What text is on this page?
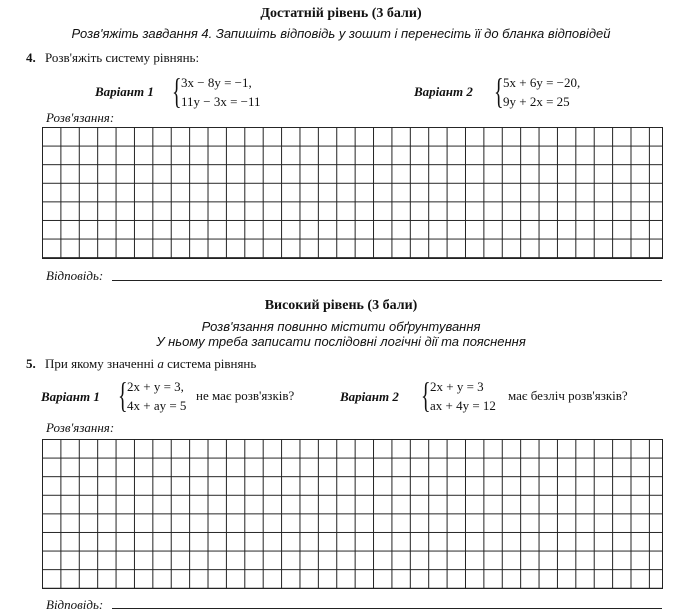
Достатній рівень (3 бали)
Розв'яжіть завдання 4. Запишіть відповідь у зошит і перенесіть її до бланка відповідей
4. Розв'яжіть систему рівнянь:
Варіант 1 { 3x − 8y = −1,
11y − 3x = −11
Варіант 2 { 5x + 6y = −20,
9y + 2x = 25
Розв'язання:
Відповідь:
Високий рівень (3 бали)
Розв'язання повинно містити обґрунтування
У ньому треба записати послідовні логічні дії та пояснення
5. При якому значенні a система рівнянь
Варіант 1 { 2x + y = 3,
4x + ay = 5
не має розв'язків?	Варіант 2 { 2x + y = 3
ax + 4y = 12
має безліч розв'язків?
Розв'язання:
Відповідь:
